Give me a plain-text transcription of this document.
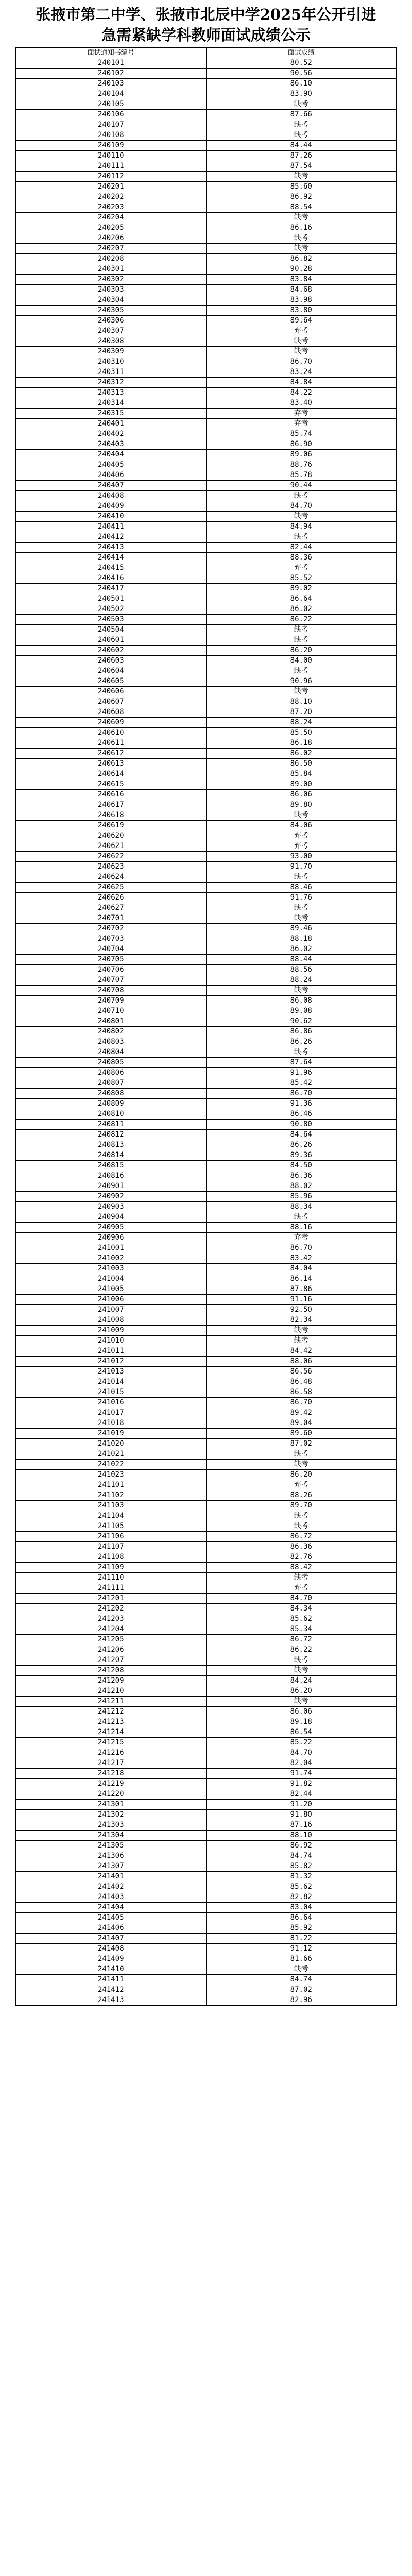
张掖市第二中学、张掖市北辰中学2025年公开引进

急需紧缺学科教师面试成绩公示

面试通知书编号	面试成绩
240101	80.52
240102	90.56
240103	86.10
240104	83.90
240105	缺考
240106	87.66
240107	缺考
240108	缺考
240109	84.44
240110	87.26
240111	87.54
240112	缺考
240201	85.60
240202	86.92
240203	88.54
240204	缺考
240205	86.16
240206	缺考
240207	缺考
240208	86.82
240301	90.28
240302	83.84
240303	84.68
240304	83.98
240305	83.80
240306	89.64
240307	弃考
240308	缺考
240309	缺考
240310	86.70
240311	83.24
240312	84.84
240313	84.22
240314	83.40
240315	弃考
240401	弃考
240402	85.74
240403	86.90
240404	89.06
240405	88.76
240406	85.78
240407	90.44
240408	缺考
240409	84.70
240410	缺考
240411	84.94
240412	缺考
240413	82.44
240414	88.36
240415	弃考
240416	85.52
240417	89.02
240501	86.64
240502	86.02
240503	86.22
240504	缺考
240601	缺考
240602	86.20
240603	84.00
240604	缺考
240605	90.96
240606	缺考
240607	88.10
240608	87.20
240609	88.24
240610	85.50
240611	86.18
240612	86.02
240613	86.50
240614	85.84
240615	89.00
240616	86.06
240617	89.80
240618	缺考
240619	84.06
240620	弃考
240621	弃考
240622	93.00
240623	91.70
240624	缺考
240625	88.46
240626	91.76
240627	缺考
240701	缺考
240702	89.46
240703	88.18
240704	86.02
240705	88.44
240706	88.56
240707	88.24
240708	缺考
240709	86.08
240710	89.08
240801	90.62
240802	86.86
240803	86.26
240804	缺考
240805	87.64
240806	91.96
240807	85.42
240808	86.70
240809	91.36
240810	86.46
240811	90.80
240812	84.64
240813	86.26
240814	89.36
240815	84.50
240816	86.36
240901	88.02
240902	85.96
240903	88.34
240904	缺考
240905	88.16
240906	弃考
241001	86.70
241002	83.42
241003	84.04
241004	86.14
241005	87.86
241006	91.16
241007	92.50
241008	82.34
241009	缺考
241010	缺考
241011	84.42
241012	88.06
241013	86.56
241014	86.48
241015	86.58
241016	86.70
241017	89.42
241018	89.04
241019	89.60
241020	87.02
241021	缺考
241022	缺考
241023	86.20
241101	弃考
241102	88.26
241103	89.70
241104	缺考
241105	缺考
241106	86.72
241107	86.36
241108	82.76
241109	88.42
241110	缺考
241111	弃考
241201	84.70
241202	84.34
241203	85.62
241204	85.34
241205	86.72
241206	86.22
241207	缺考
241208	缺考
241209	84.24
241210	86.20
241211	缺考
241212	86.06
241213	89.18
241214	86.54
241215	85.22
241216	84.70
241217	82.04
241218	91.74
241219	91.82
241220	82.44
241301	91.20
241302	91.80
241303	87.16
241304	88.10
241305	86.92
241306	84.74
241307	85.82
241401	81.32
241402	85.62
241403	82.82
241404	83.04
241405	86.64
241406	85.92
241407	81.22
241408	91.12
241409	81.66
241410	缺考
241411	84.74
241412	87.02
241413	82.96
